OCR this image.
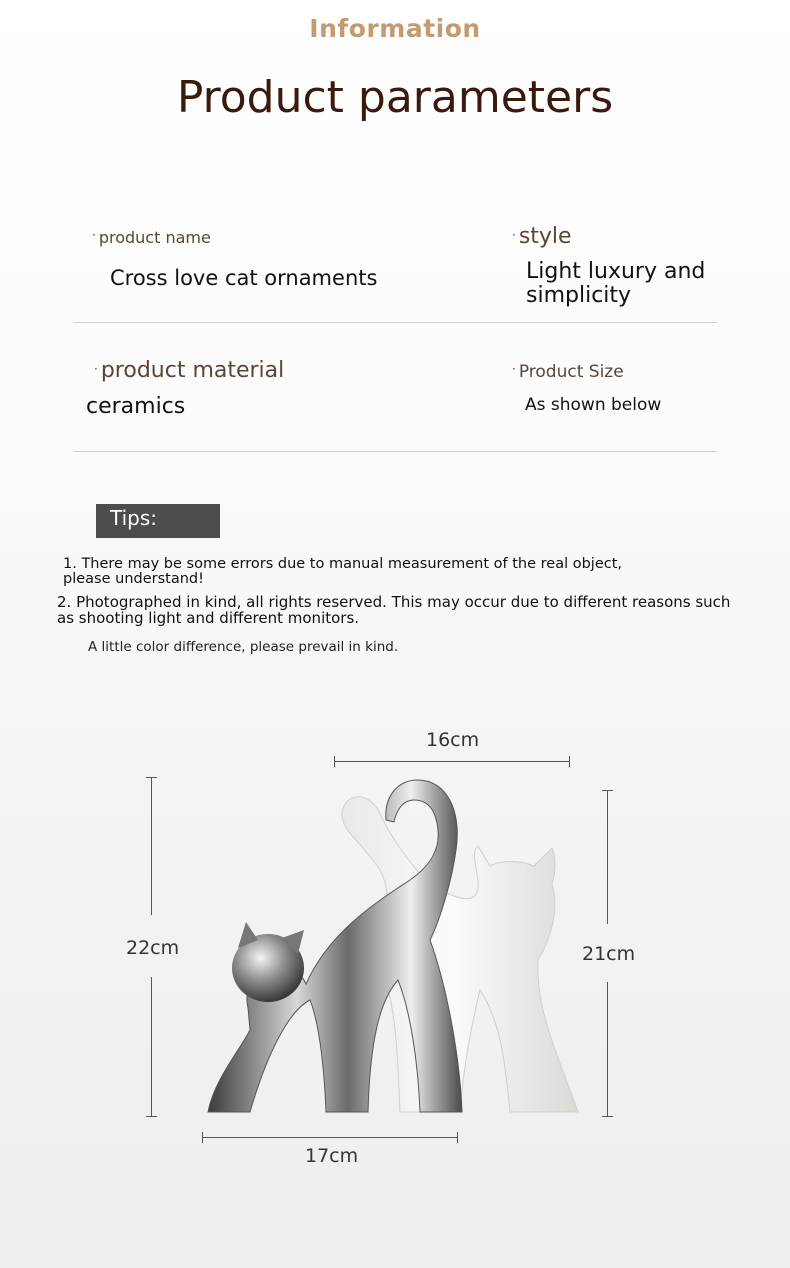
Information
Product parameters
· product name
Cross love cat ornaments
· style
Light luxury and
simplicity
· product material
ceramics
· Product Size
As shown below
Tips:
1. There may be some errors due to manual measurement of the real object,
please understand!
2. Photographed in kind, all rights reserved. This may occur due to different reasons such
as shooting light and different monitors.
A little color difference, please prevail in kind.
16cm
22cm	21cm
17cm
